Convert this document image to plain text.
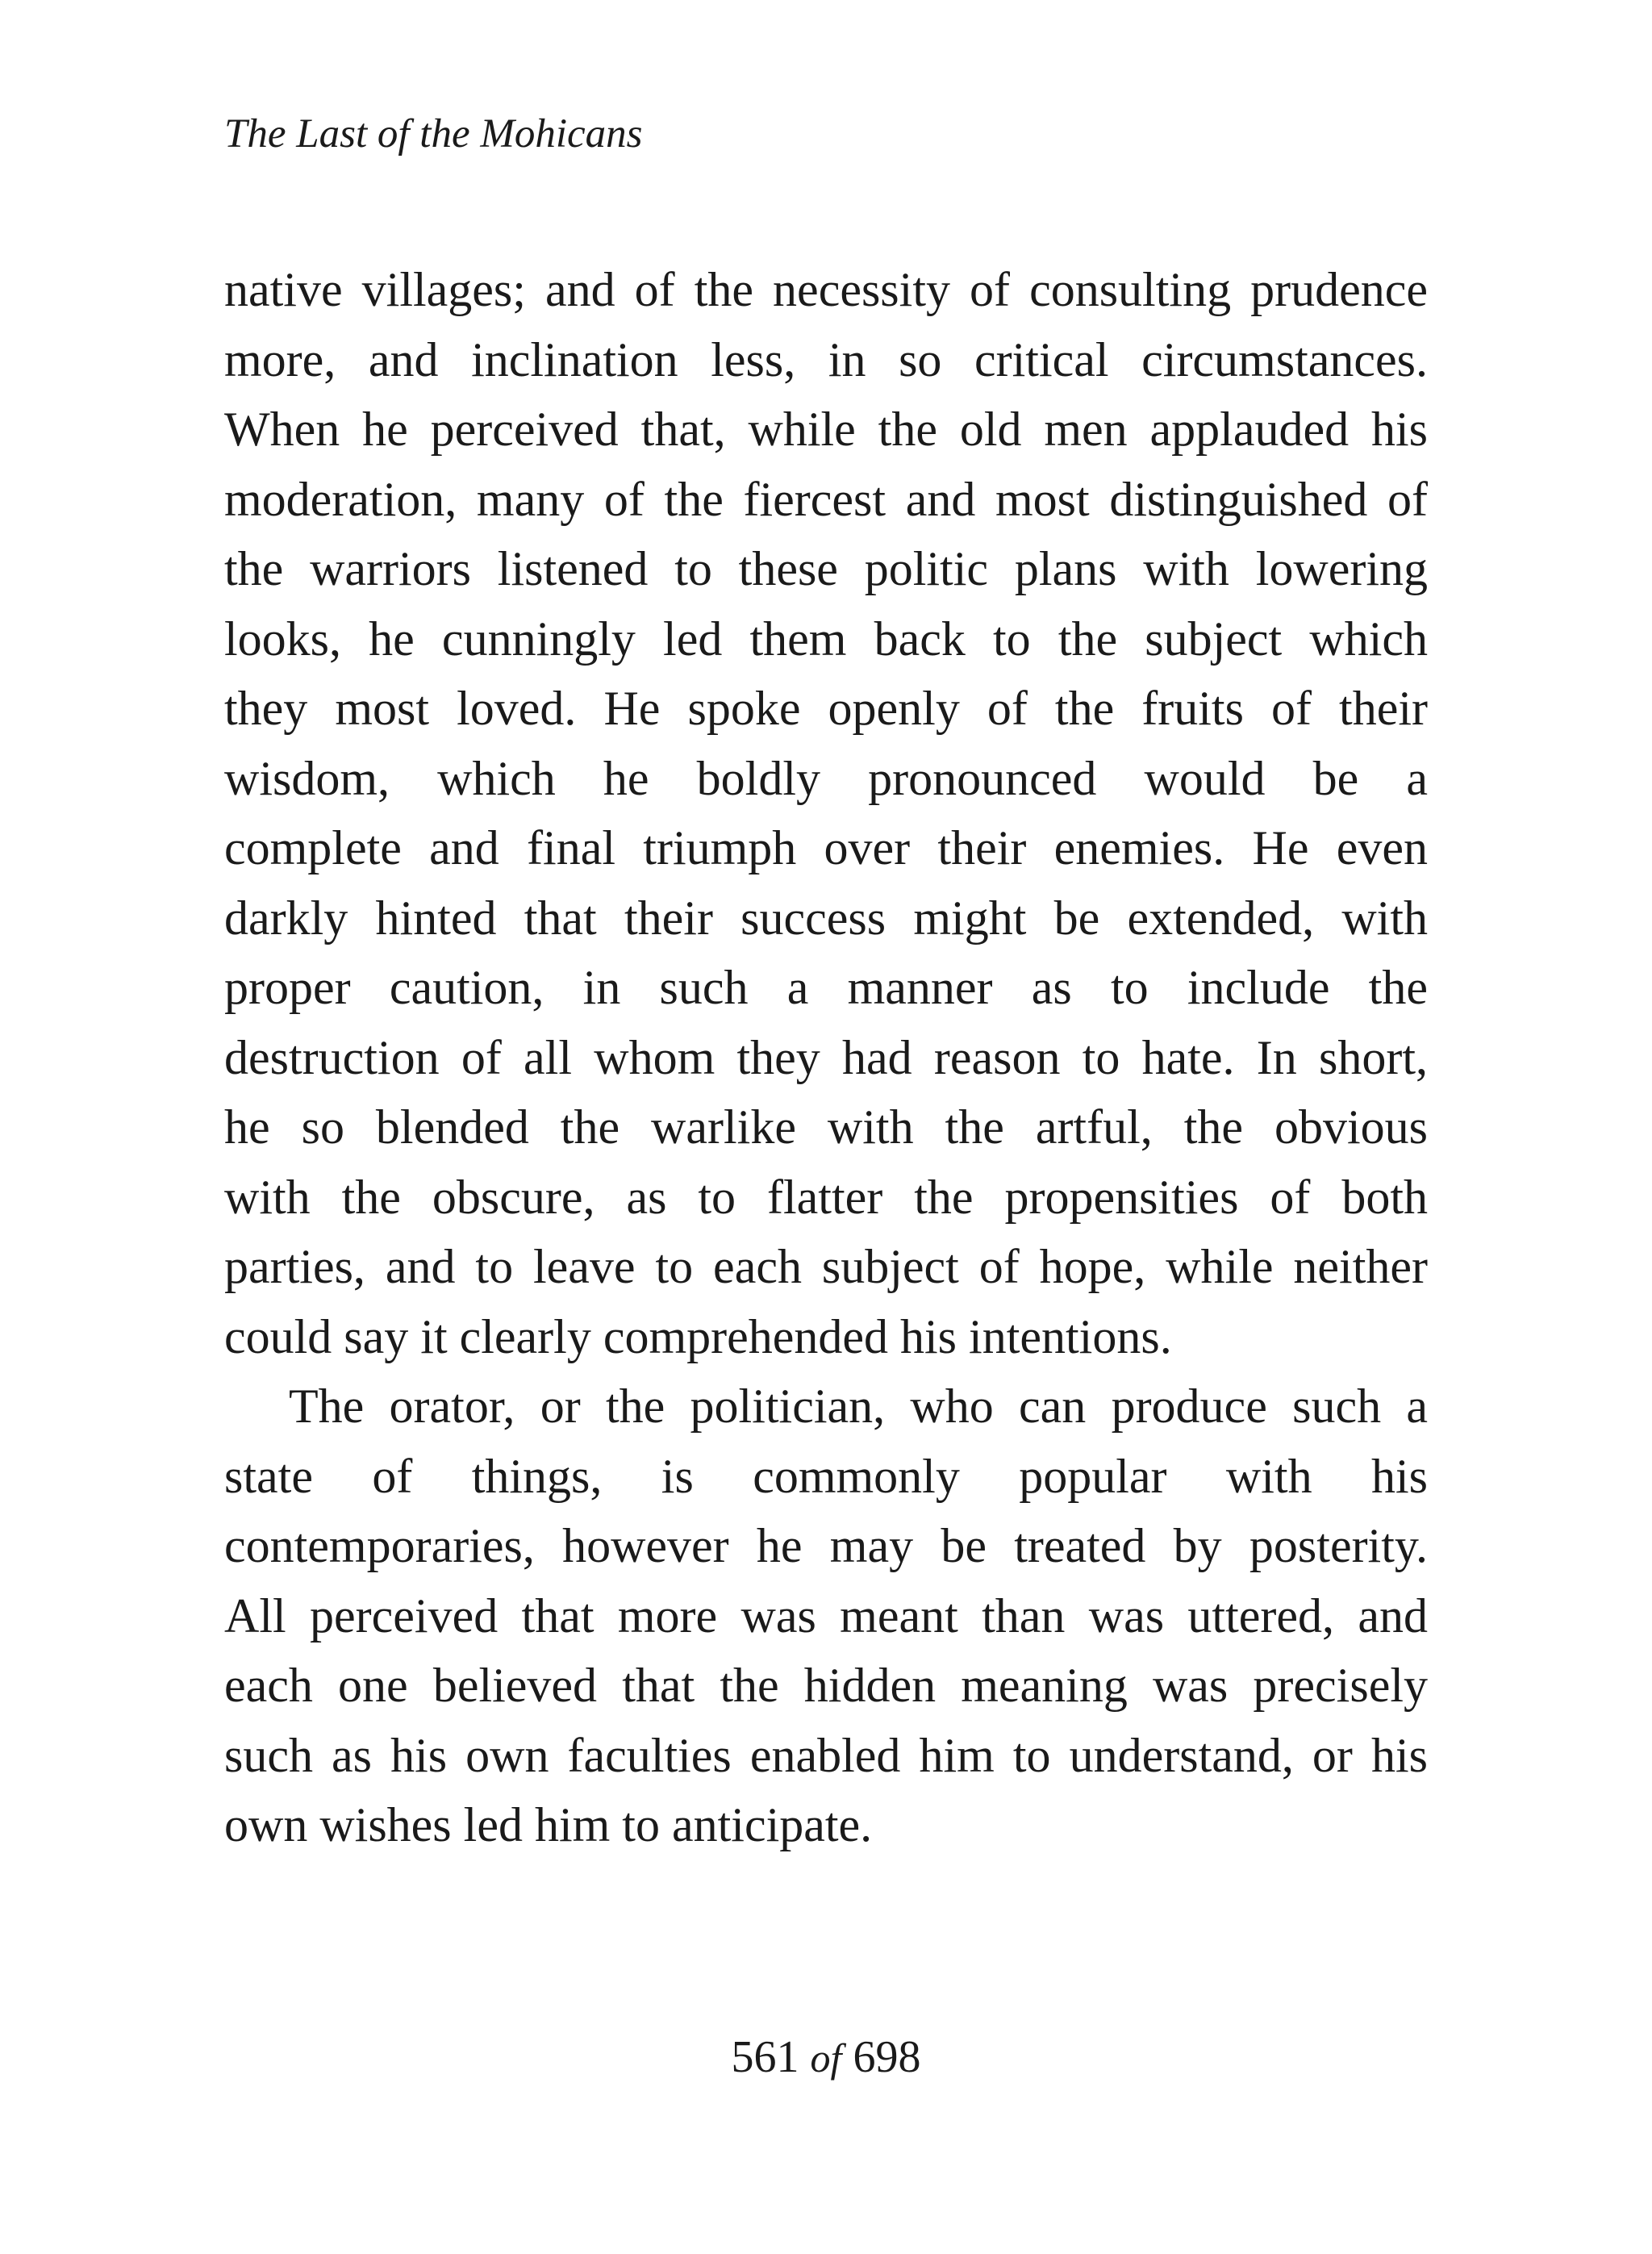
The Last of the Mohicans

native villages; and of the necessity of consulting prudence
more, and inclination less, in so critical circumstances.
When he perceived that, while the old men applauded his
moderation, many of the fiercest and most distinguished of
the warriors listened to these politic plans with lowering
looks, he cunningly led them back to the subject which
they most loved. He spoke openly of the fruits of their
wisdom, which he boldly pronounced would be a
complete and final triumph over their enemies. He even
darkly hinted that their success might be extended, with
proper caution, in such a manner as to include the
destruction of all whom they had reason to hate. In short,
he so blended the warlike with the artful, the obvious
with the obscure, as to flatter the propensities of both
parties, and to leave to each subject of hope, while neither
could say it clearly comprehended his intentions.

The orator, or the politician, who can produce such a
state of things, is commonly popular with his
contemporaries, however he may be treated by posterity.
All perceived that more was meant than was uttered, and
each one believed that the hidden meaning was precisely
such as his own faculties enabled him to understand, or his
own wishes led him to anticipate.

561 of 698
